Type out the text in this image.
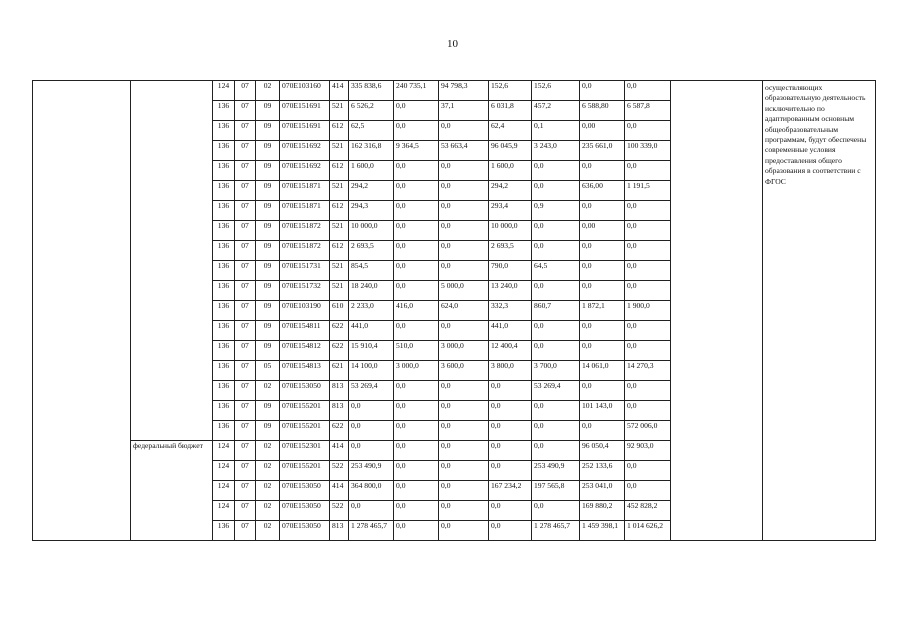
10
		124	07	02	070E103160	414	335 838,6	240 735,1	94 798,3	152,6	152,6	0,0	0,0		осуществляющих образовательную деятельность исключительно по адаптированным основным общеобразовательным программам, будут обеспечены современные условия предоставления общего образования в соответствии с ФГОС
		136	07	09	070E151691	521	6 526,2	0,0	37,1	6 031,8	457,2	6 588,80	6 587,8		
		136	07	09	070E151691	612	62,5	0,0	0,0	62,4	0,1	0,00	0,0		
		136	07	09	070E151692	521	162 316,8	9 364,5	53 663,4	96 045,9	3 243,0	235 661,0	100 339,0		
		136	07	09	070E151692	612	1 600,0	0,0	0,0	1 600,0	0,0	0,0	0,0		
		136	07	09	070E151871	521	294,2	0,0	0,0	294,2	0,0	636,00	1 191,5		
		136	07	09	070E151871	612	294,3	0,0	0,0	293,4	0,9	0,0	0,0		
		136	07	09	070E151872	521	10 000,0	0,0	0,0	10 000,0	0,0	0,00	0,0		
		136	07	09	070E151872	612	2 693,5	0,0	0,0	2 693,5	0,0	0,0	0,0		
		136	07	09	070E151731	521	854,5	0,0	0,0	790,0	64,5	0,0	0,0		
		136	07	09	070E151732	521	18 240,0	0,0	5 000,0	13 240,0	0,0	0,0	0,0		
		136	07	09	070E103190	610	2 233,0	416,0	624,0	332,3	860,7	1 872,1	1 900,0		
		136	07	09	070E154811	622	441,0	0,0	0,0	441,0	0,0	0,0	0,0		
		136	07	09	070E154812	622	15 910,4	510,0	3 000,0	12 400,4	0,0	0,0	0,0		
		136	07	05	070E154813	621	14 100,0	3 000,0	3 600,0	3 800,0	3 700,0	14 061,0	14 270,3		
		136	07	02	070E153050	813	53 269,4	0,0	0,0	0,0	53 269,4	0,0	0,0		
		136	07	09	070E155201	813	0,0	0,0	0,0	0,0	0,0	101 143,0	0,0		
		136	07	09	070E155201	622	0,0	0,0	0,0	0,0	0,0	0,0	572 006,0		
	федеральный бюджет	124	07	02	070E152301	414	0,0	0,0	0,0	0,0	0,0	96 050,4	92 903,0		
		124	07	02	070E155201	522	253 490,9	0,0	0,0	0,0	253 490,9	252 133,6	0,0		
		124	07	02	070E153050	414	364 800,0	0,0	0,0	167 234,2	197 565,8	253 041,0	0,0		
		124	07	02	070E153050	522	0,0	0,0	0,0	0,0	0,0	169 880,2	452 828,2		
		136	07	02	070E153050	813	1 278 465,7	0,0	0,0	0,0	1 278 465,7	1 459 398,1	1 014 626,2		
